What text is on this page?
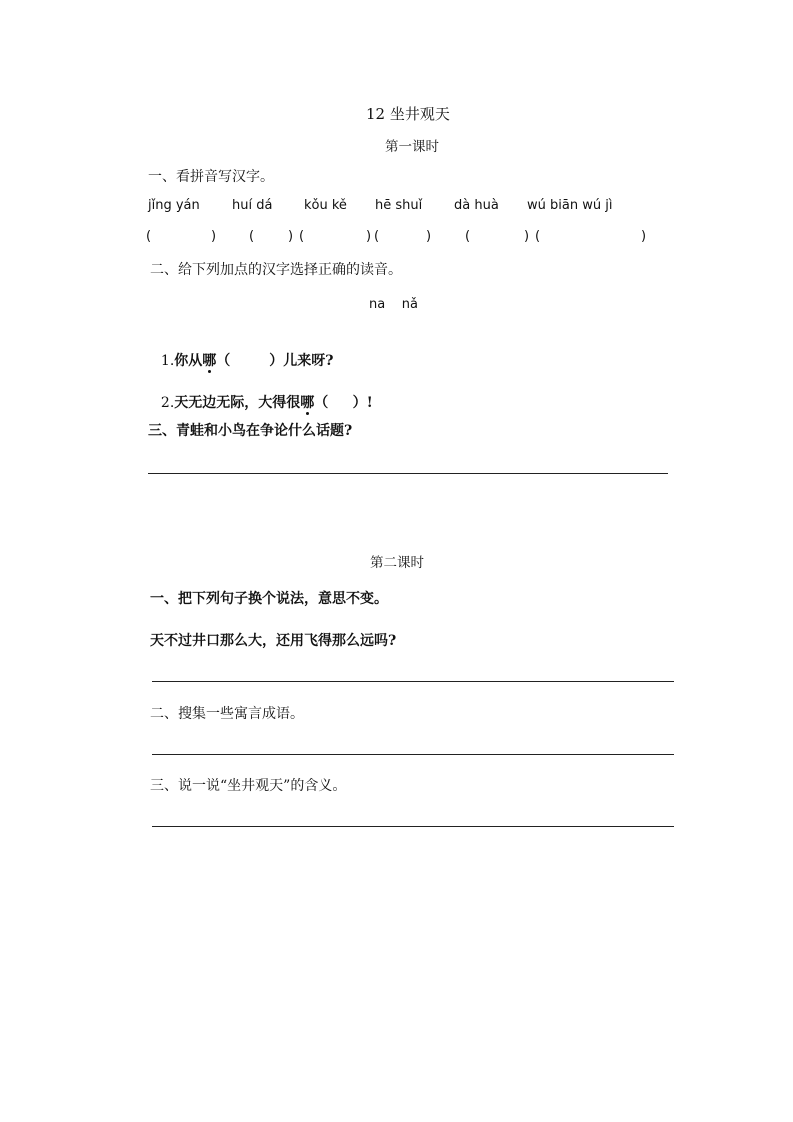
12 坐井观天
第一课时
一、看拼音写汉字。
jǐng yán huí dá kǒu kě hē shuǐ dà huà wú biān wú jì
(	)	(	) (	) (	)	(	) (	)
二、给下列加点的汉字选择正确的读音。
na    nǎ

1.你从哪（        ）儿来呀?

2.天无边无际，大得很哪（     ）!

三、青蛙和小鸟在争论什么话题?
第二课时
一、把下列句子换个说法，意思不变。
天不过井口那么大，还用飞得那么远吗?
二、搜集一些寓言成语。
三、说一说“坐井观天”的含义。
